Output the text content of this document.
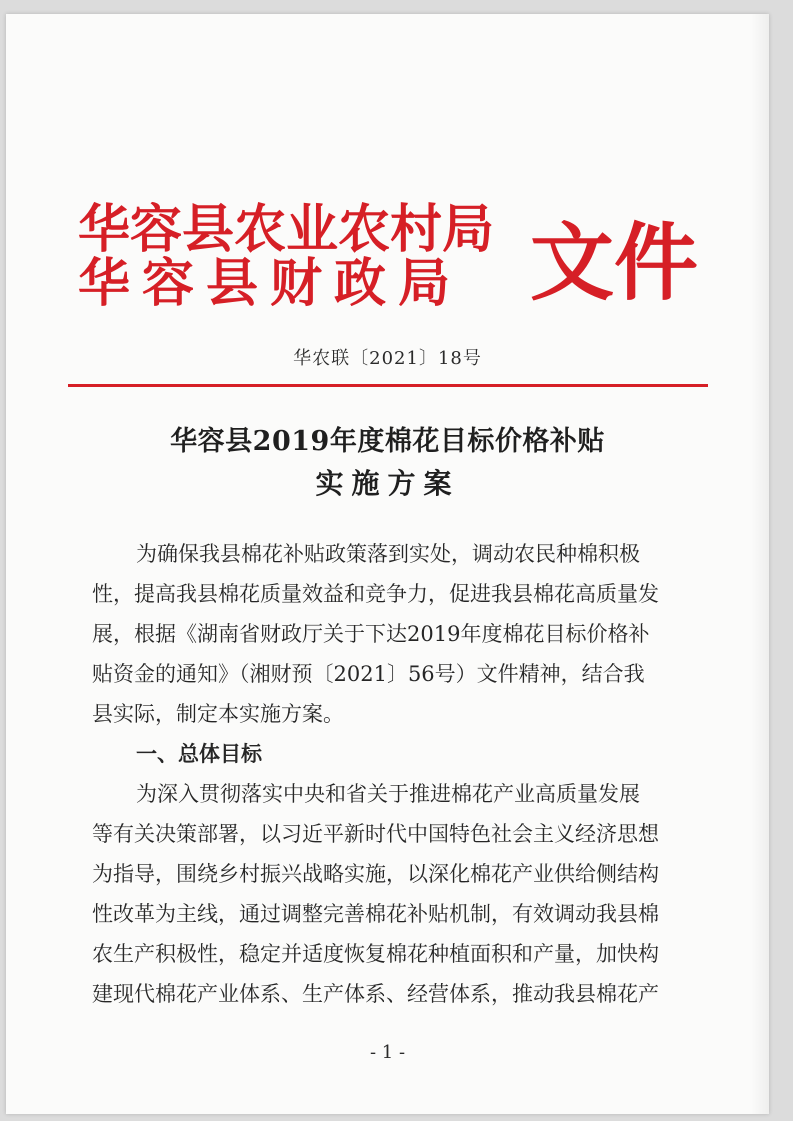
华容县农业农村局
华容县财政局 文件
华农联〔2021〕18号
华容县2019年度棉花目标价格补贴
实施方案
为确保我县棉花补贴政策落到实处，调动农民种棉积极
性，提高我县棉花质量效益和竞争力，促进我县棉花高质量发
展，根据《湖南省财政厅关于下达2019年度棉花目标价格补
贴资金的通知》（湘财预〔2021〕56号）文件精神，结合我
县实际，制定本实施方案。
一、总体目标
为深入贯彻落实中央和省关于推进棉花产业高质量发展
等有关决策部署，以习近平新时代中国特色社会主义经济思想
为指导，围绕乡村振兴战略实施，以深化棉花产业供给侧结构
性改革为主线，通过调整完善棉花补贴机制，有效调动我县棉
农生产积极性，稳定并适度恢复棉花种植面积和产量，加快构
建现代棉花产业体系、生产体系、经营体系，推动我县棉花产
- 1 -
